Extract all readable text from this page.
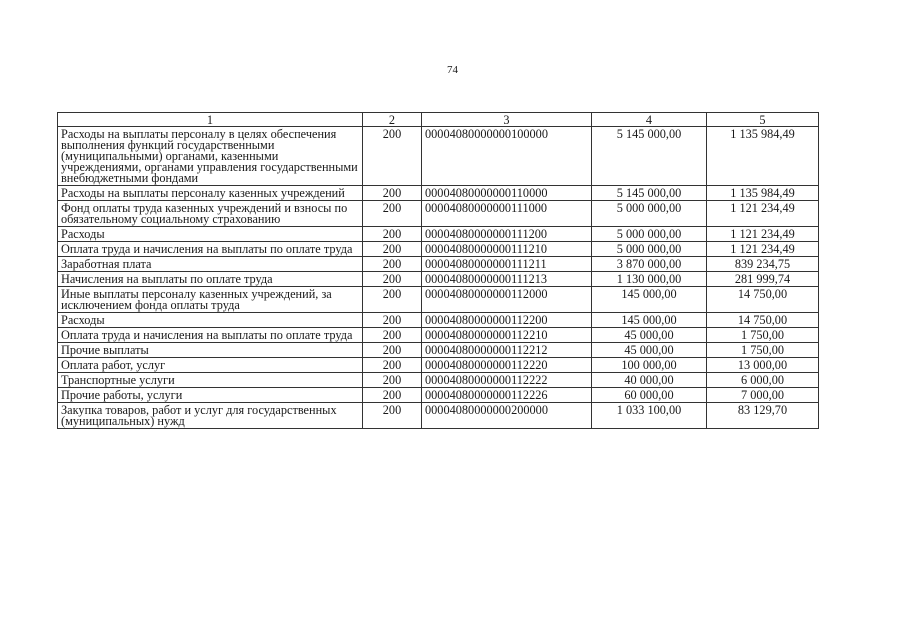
74
1	2	3	4	5
Расходы на выплаты персоналу в целях обеспечения выполнения функций государственными (муниципальными) органами, казенными учреждениями, органами управления государственными внебюджетными фондами	200	00004080000000100000	5 145 000,00	1 135 984,49
Расходы на выплаты персоналу казенных учреждений	200	00004080000000110000	5 145 000,00	1 135 984,49
Фонд оплаты труда казенных учреждений и взносы по обязательному социальному страхованию	200	00004080000000111000	5 000 000,00	1 121 234,49
Расходы	200	00004080000000111200	5 000 000,00	1 121 234,49
Оплата труда и начисления на выплаты по оплате труда	200	00004080000000111210	5 000 000,00	1 121 234,49
Заработная плата	200	00004080000000111211	3 870 000,00	839 234,75
Начисления на выплаты по оплате труда	200	00004080000000111213	1 130 000,00	281 999,74
Иные выплаты персоналу казенных учреждений, за исключением фонда оплаты труда	200	00004080000000112000	145 000,00	14 750,00
Расходы	200	00004080000000112200	145 000,00	14 750,00
Оплата труда и начисления на выплаты по оплате труда	200	00004080000000112210	45 000,00	1 750,00
Прочие выплаты	200	00004080000000112212	45 000,00	1 750,00
Оплата работ, услуг	200	00004080000000112220	100 000,00	13 000,00
Транспортные услуги	200	00004080000000112222	40 000,00	6 000,00
Прочие работы, услуги	200	00004080000000112226	60 000,00	7 000,00
Закупка товаров, работ и услуг для государственных (муниципальных) нужд	200	00004080000000200000	1 033 100,00	83 129,70
